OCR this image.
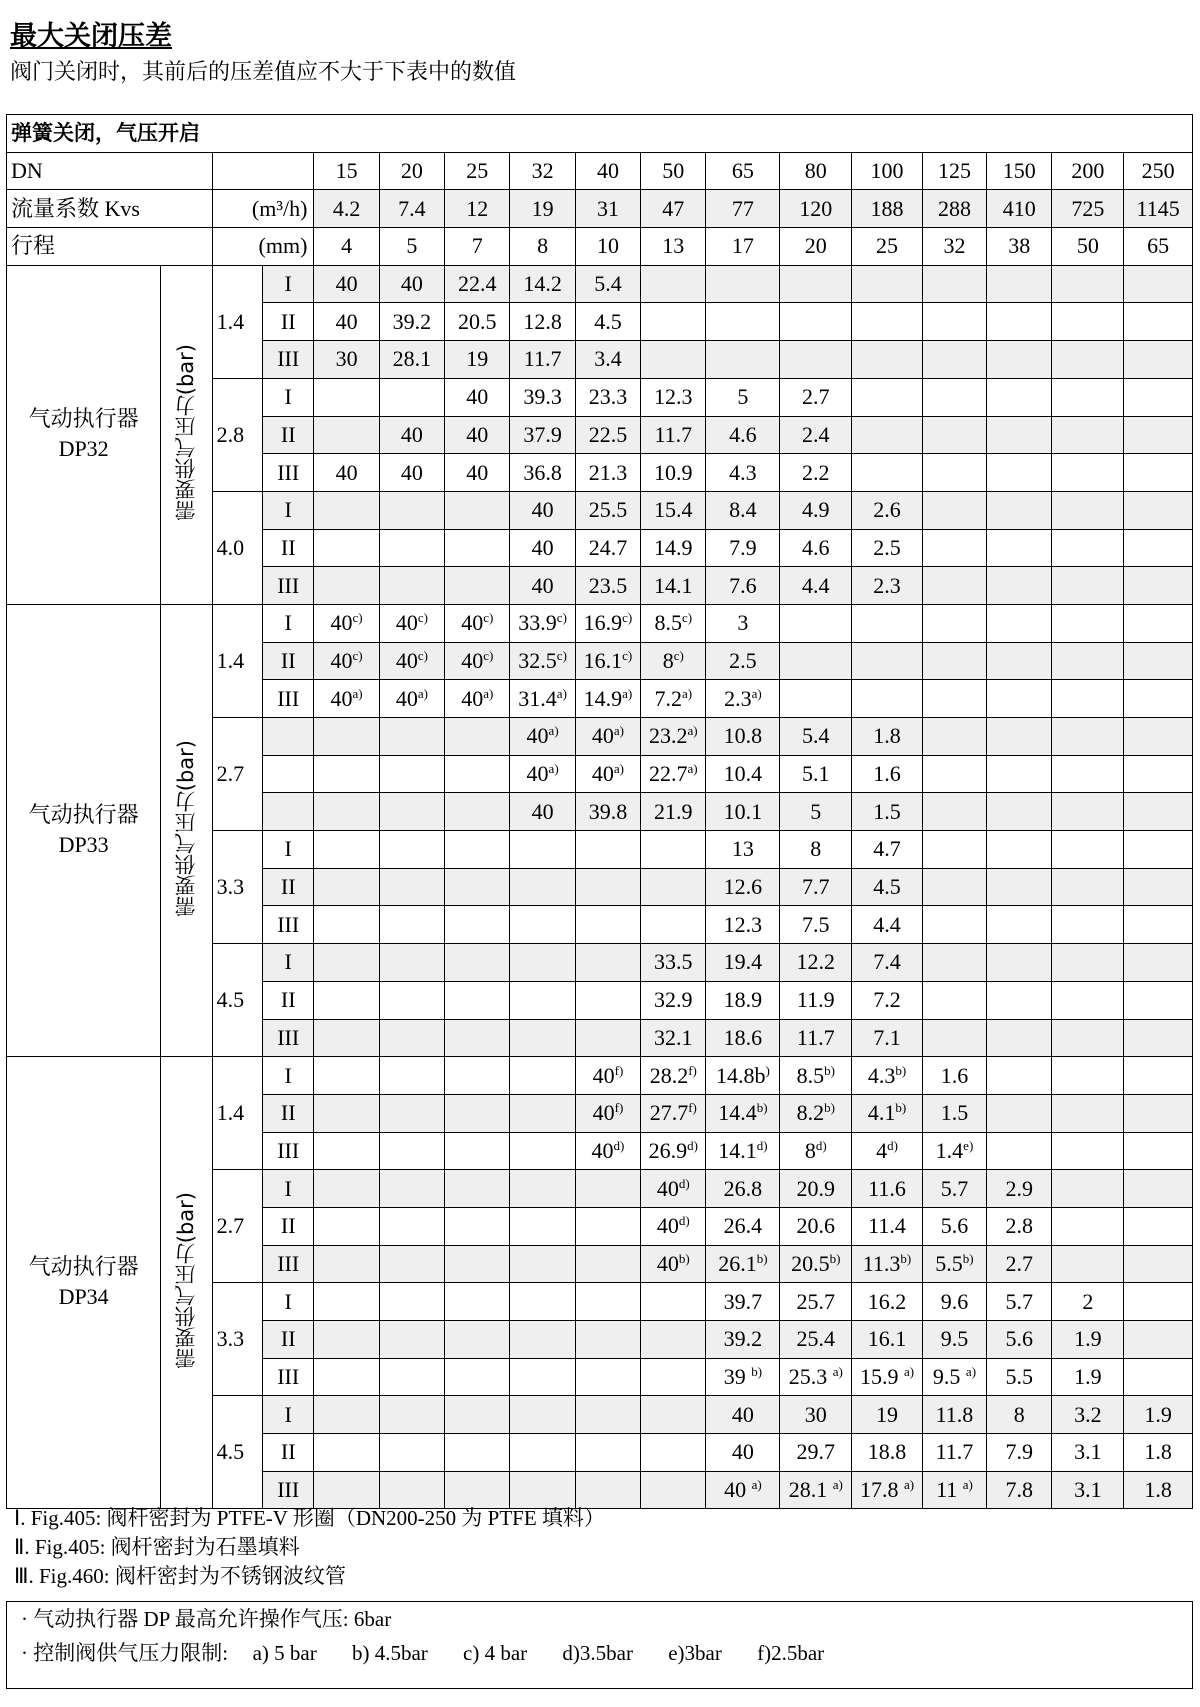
最大关闭压差
阀门关闭时，其前后的压差值应不大于下表中的数值
弹簧关闭，气压开启																
DN				15	20	25	32	40	50	65	80	100	125	150	200	250
流量系数 Kvs		(m³/h)		4.2	7.4	12	19	31	47	77	120	188	288	410	725	1145
行程		(mm)		4	5	7	8	10	13	17	20	25	32	38	50	65
气动执行器
DP32	需要供气压力(bar)	1.4	I	40	40	22.4	14.2	5.4								
			II	40	39.2	20.5	12.8	4.5								
			III	30	28.1	19	11.7	3.4								
		2.8	I			40	39.3	23.3	12.3	5	2.7					
			II		40	40	37.9	22.5	11.7	4.6	2.4					
			III	40	40	40	36.8	21.3	10.9	4.3	2.2					
		4.0	I				40	25.5	15.4	8.4	4.9	2.6				
			II				40	24.7	14.9	7.9	4.6	2.5				
			III				40	23.5	14.1	7.6	4.4	2.3				
气动执行器
DP33	需要供气压力(bar)	1.4	I	40$^{c)}$	40$^{c)}$	40$^{c)}$	33.9$^{c)}$	16.9$^{c)}$	8.5$^{c)}$	3						
			II	40$^{c)}$	40$^{c)}$	40$^{c)}$	32.5$^{c)}$	16.1$^{c)}$	8$^{c)}$	2.5						
			III	40$^{a)}$	40$^{a)}$	40$^{a)}$	31.4$^{a)}$	14.9$^{a)}$	7.2$^{a)}$	2.3$^{a)}$						
		2.7					40$^{a)}$	40$^{a)}$	23.2$^{a)}$	10.8	5.4	1.8				
							40$^{a)}$	40$^{a)}$	22.7$^{a)}$	10.4	5.1	1.6				
							40	39.8	21.9	10.1	5	1.5				
		3.3	I							13	8	4.7				
			II							12.6	7.7	4.5				
			III							12.3	7.5	4.4				
		4.5	I						33.5	19.4	12.2	7.4				
			II						32.9	18.9	11.9	7.2				
			III						32.1	18.6	11.7	7.1				
气动执行器
DP34	需要供气压力(bar)	1.4	I					40$^{f)}$	28.2$^{f)}$	14.8b)	8.5$^{b)}$	4.3$^{b)}$	1.6			
			II					40$^{f)}$	27.7$^{f)}$	14.4$^{b)}$	8.2$^{b)}$	4.1$^{b)}$	1.5			
			III					40$^{d)}$	26.9$^{d)}$	14.1$^{d)}$	8$^{d)}$	4$^{d)}$	1.4$^{e)}$			
		2.7	I						40$^{d)}$	26.8	20.9	11.6	5.7	2.9		
			II						40$^{d)}$	26.4	20.6	11.4	5.6	2.8		
			III						40$^{b)}$	26.1$^{b)}$	20.5$^{b)}$	11.3$^{b)}$	5.5$^{b)}$	2.7		
		3.3	I							39.7	25.7	16.2	9.6	5.7	2	
			II							39.2	25.4	16.1	9.5	5.6	1.9	
			III							39 $^{b)}$	25.3 $^{a)}$	15.9 $^{a)}$	9.5 $^{a)}$	5.5	1.9	
		4.5	I							40	30	19	11.8	8	3.2	1.9
			II							40	29.7	18.8	11.7	7.9	3.1	1.8
			III							40 $^{a)}$	28.1 $^{a)}$	17.8 $^{a)}$	11 $^{a)}$	7.8	3.1	1.8
Ⅰ. Fig.405: 阀杆密封为 PTFE-V 形圈（DN200-250 为 PTFE 填料）
Ⅱ. Fig.405: 阀杆密封为石墨填料
Ⅲ. Fig.460: 阀杆密封为不锈钢波纹管
· 气动执行器 DP 最高允许操作气压: 6bar
· 控制阀供气压力限制: a) 5 bar b) 4.5bar c) 4 bar d)3.5bar e)3bar f)2.5bar
